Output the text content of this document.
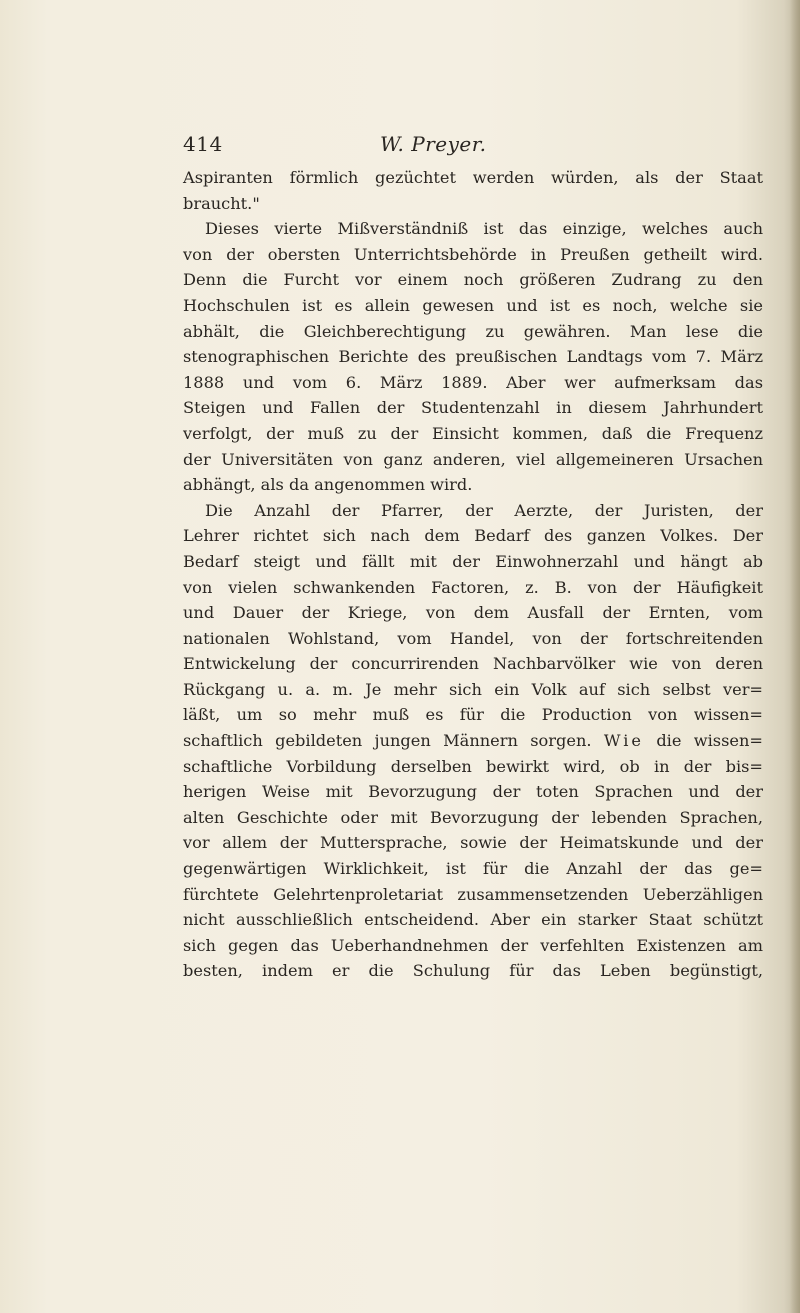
414	W. Preyer.
Aspiranten förmlich gezüchtet werden würden, als der Staat
braucht."
Dieses vierte Mißverständniß ist das einzige, welches auch
von der obersten Unterrichtsbehörde in Preußen getheilt wird.
Denn die Furcht vor einem noch größeren Zudrang zu den
Hochschulen ist es allein gewesen und ist es noch, welche sie
abhält, die Gleichberechtigung zu gewähren. Man lese die
stenographischen Berichte des preußischen Landtags vom 7. März
1888 und vom 6. März 1889. Aber wer aufmerksam das
Steigen und Fallen der Studentenzahl in diesem Jahrhundert
verfolgt, der muß zu der Einsicht kommen, daß die Frequenz
der Universitäten von ganz anderen, viel allgemeineren Ursachen
abhängt, als da angenommen wird.
Die Anzahl der Pfarrer, der Aerzte, der Juristen, der
Lehrer richtet sich nach dem Bedarf des ganzen Volkes. Der
Bedarf steigt und fällt mit der Einwohnerzahl und hängt ab
von vielen schwankenden Factoren, z. B. von der Häufigkeit
und Dauer der Kriege, von dem Ausfall der Ernten, vom
nationalen Wohlstand, vom Handel, von der fortschreitenden
Entwickelung der concurrirenden Nachbarvölker wie von deren
Rückgang u. a. m. Je mehr sich ein Volk auf sich selbst ver=
läßt, um so mehr muß es für die Production von wissen=
schaftlich gebildeten jungen Männern sorgen. Wie die wissen=
schaftliche Vorbildung derselben bewirkt wird, ob in der bis=
herigen Weise mit Bevorzugung der toten Sprachen und der
alten Geschichte oder mit Bevorzugung der lebenden Sprachen,
vor allem der Muttersprache, sowie der Heimatskunde und der
gegenwärtigen Wirklichkeit, ist für die Anzahl der das ge=
fürchtete Gelehrtenproletariat zusammensetzenden Ueberzähligen
nicht ausschließlich entscheidend. Aber ein starker Staat schützt
sich gegen das Ueberhandnehmen der verfehlten Existenzen am
besten, indem er die Schulung für das Leben begünstigt,
